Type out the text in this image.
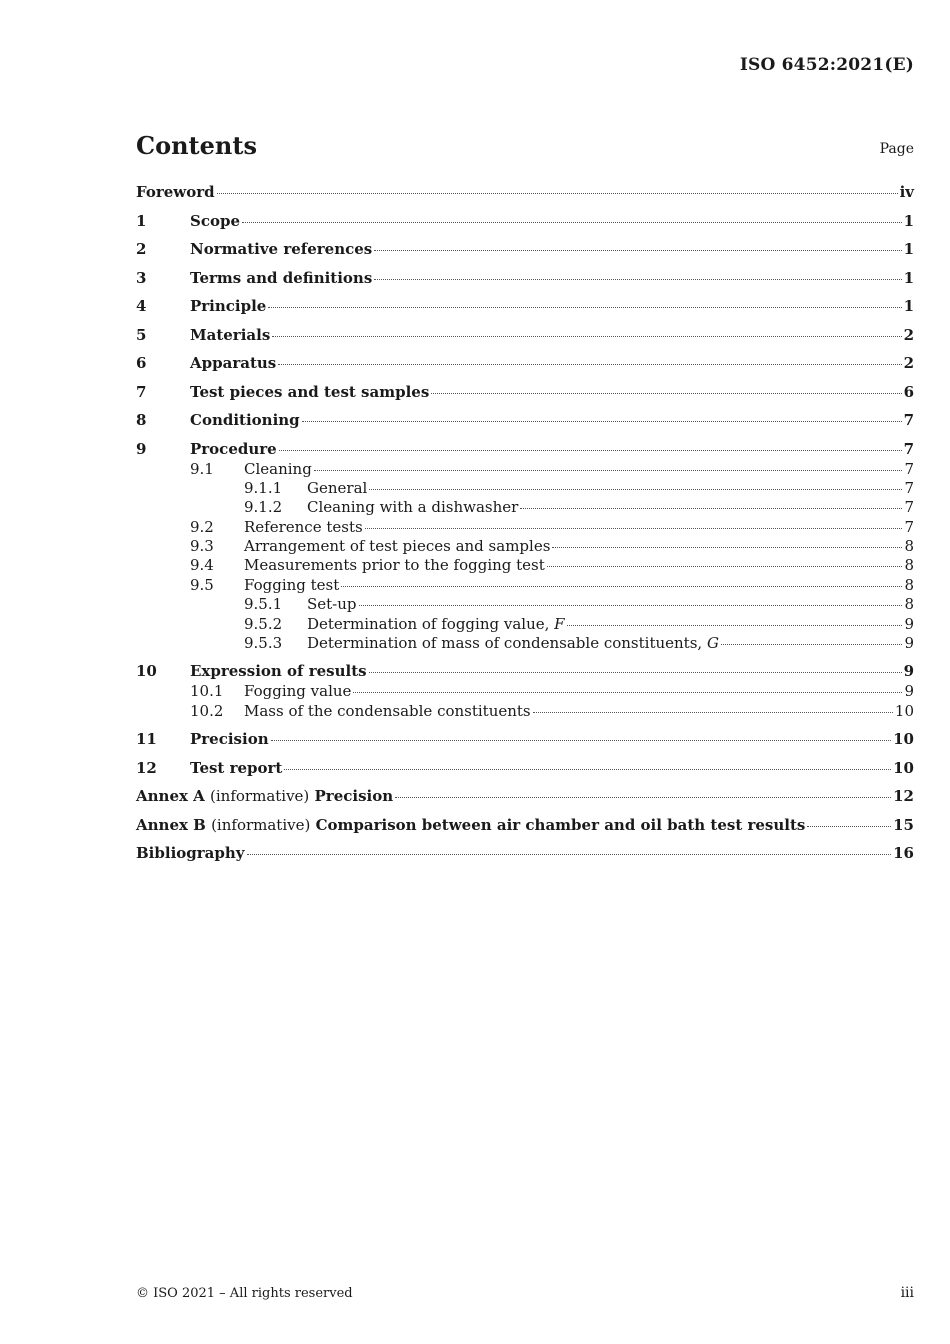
ISO 6452:2021(E)
Contents	Page
Foreword	iv
1	Scope	1
2	Normative references	1
3	Terms and definitions	1
4	Principle	1
5	Materials	2
6	Apparatus	2
7	Test pieces and test samples	6
8	Conditioning	7
9	Procedure	7
9.1	Cleaning	7
9.1.1	General	7
9.1.2	Cleaning with a dishwasher	7
9.2	Reference tests	7
9.3	Arrangement of test pieces and samples	8
9.4	Measurements prior to the fogging test	8
9.5	Fogging test	8
9.5.1	Set-up	8
9.5.2	Determination of fogging value, F	9
9.5.3	Determination of mass of condensable constituents, G	9
10	Expression of results	9
10.1	Fogging value	9
10.2	Mass of the condensable constituents	10
11	Precision	10
12	Test report	10
Annex A (informative) Precision	12
Annex B (informative) Comparison between air chamber and oil bath test results	15
Bibliography	16
© ISO 2021 – All rights reserved	iii
